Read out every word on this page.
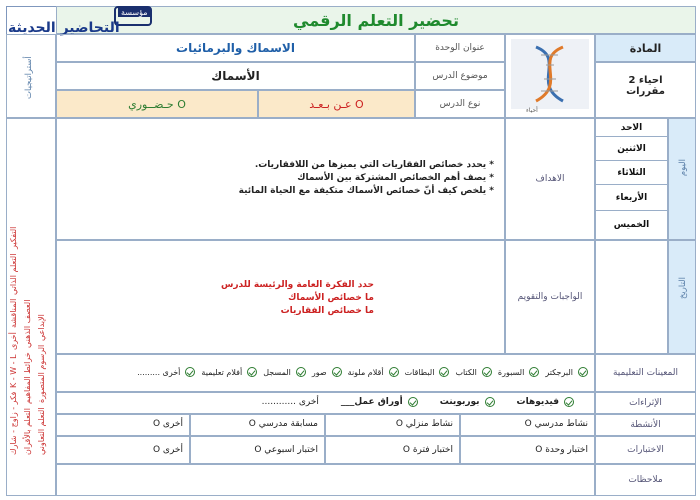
تحضير التعلم الرقمي
مؤسسة
التحاضير الحديثة
أستراتيجيات
المادة
احياء 2
مقررات
أحياء
عنوان الوحدة
الاسماك والبرمائيات
موضوع الدرس
الأسماك
نوع الدرس
عـن بـعـد O
حـضــوري O
التعلم التعاوني
الرسوم المتصورة
الإبداعي
التعلم بالأقران
خرائط المفاهيم
العصف الذهني
فكر - زاوج - شارك
K - W - L
أخرى
المناقشة
التعلم الذاتي
التفكير
اليوم
الاحد
الاثنين
الثلاثاء
الأربعاء
الخميس
التاريخ
الاهداف
* يحدد خصائص الفقاريات التي يميزها من اللافقاريات.
* يصف أهم الخصائص المشتركة بين الأسماك
* يلخص كيف أنّ خصائص الأسماك متكيفة مع الحياة المائية
الواجبات والتقويم
حدد الفكرة العامة والرئيسة للدرس
ما خصائص الأسماك
ما خصائص الفقاريات
المعينات التعليمية
البرجكتر
السبورة
الكتاب
البطاقات
أقلام ملونة
صور
المسجل
أفلام تعليمية
أخرى .........
الإثراءات
فيديوهات
بوربوينت
أوراق عمل___
أخرى ............
الأنشطة
نشاط مدرسي O
نشاط منزلي O
مسابقة مدرسي O
أخرى O
الاختبارات
اختبار وحدة O
اختبار فترة O
اختبار اسبوعي O
أخرى O
ملاحظات
